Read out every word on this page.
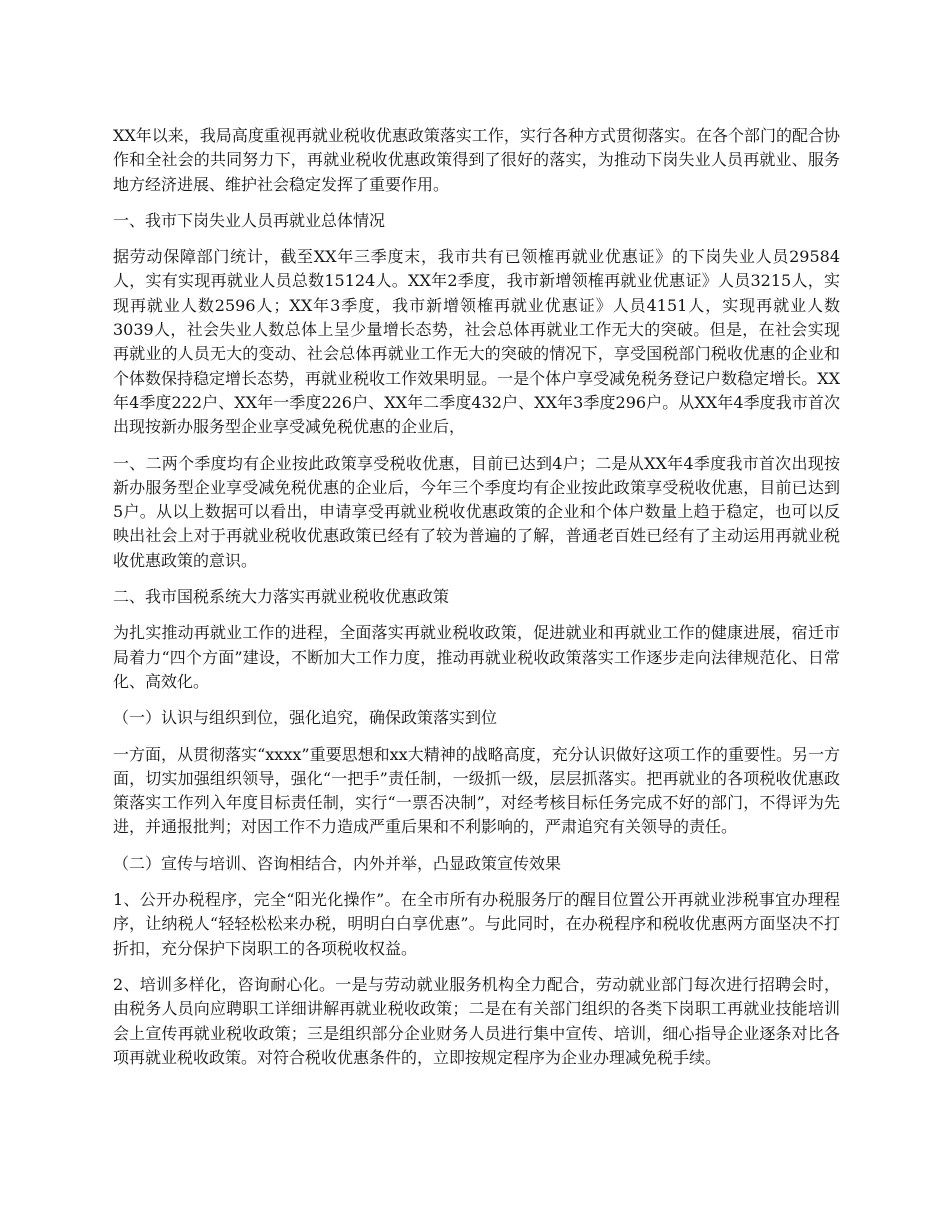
XX年以来，我局高度重视再就业税收优惠政策落实工作，实行各种方式贯彻落实。在各个部门的配合协作和全社会的共同努力下，再就业税收优惠政策得到了很好的落实，为推动下岗失业人员再就业、服务地方经济进展、维护社会稳定发挥了重要作用。

一、我市下岗失业人员再就业总体情况

据劳动保障部门统计，截至XX年三季度末，我市共有已领榷再就业优惠证》的下岗失业人员29584人，实有实现再就业人员总数15124人。XX年2季度，我市新增领榷再就业优惠证》人员3215人，实现再就业人数2596人；XX年3季度，我市新增领榷再就业优惠证》人员4151人，实现再就业人数3039人，社会失业人数总体上呈少量增长态势，社会总体再就业工作无大的突破。但是，在社会实现再就业的人员无大的变动、社会总体再就业工作无大的突破的情况下，享受国税部门税收优惠的企业和个体数保持稳定增长态势，再就业税收工作效果明显。一是个体户享受减免税务登记户数稳定增长。XX年4季度222户、XX年一季度226户、XX年二季度432户、XX年3季度296户。从XX年4季度我市首次出现按新办服务型企业享受减免税优惠的企业后，

一、二两个季度均有企业按此政策享受税收优惠，目前已达到4户；二是从XX年4季度我市首次出现按新办服务型企业享受减免税优惠的企业后，今年三个季度均有企业按此政策享受税收优惠，目前已达到5户。从以上数据可以看出，申请享受再就业税收优惠政策的企业和个体户数量上趋于稳定，也可以反映出社会上对于再就业税收优惠政策已经有了较为普遍的了解，普通老百姓已经有了主动运用再就业税收优惠政策的意识。

二、我市国税系统大力落实再就业税收优惠政策

为扎实推动再就业工作的进程，全面落实再就业税收政策，促进就业和再就业工作的健康进展，宿迁市局着力“四个方面”建设，不断加大工作力度，推动再就业税收政策落实工作逐步走向法律规范化、日常化、高效化。

（一）认识与组织到位，强化追究，确保政策落实到位

一方面，从贯彻落实“xxxx”重要思想和xx大精神的战略高度，充分认识做好这项工作的重要性。另一方面，切实加强组织领导，强化“一把手”责任制，一级抓一级，层层抓落实。把再就业的各项税收优惠政策落实工作列入年度目标责任制，实行“一票否决制”，对经考核目标任务完成不好的部门，不得评为先进，并通报批判；对因工作不力造成严重后果和不利影响的，严肃追究有关领导的责任。

（二）宣传与培训、咨询相结合，内外并举，凸显政策宣传效果

1、公开办税程序，完全“阳光化操作”。在全市所有办税服务厅的醒目位置公开再就业涉税事宜办理程序，让纳税人“轻轻松松来办税，明明白白享优惠”。与此同时，在办税程序和税收优惠两方面坚决不打折扣，充分保护下岗职工的各项税收权益。

2、培训多样化，咨询耐心化。一是与劳动就业服务机构全力配合，劳动就业部门每次进行招聘会时，由税务人员向应聘职工详细讲解再就业税收政策；二是在有关部门组织的各类下岗职工再就业技能培训会上宣传再就业税收政策；三是组织部分企业财务人员进行集中宣传、培训，细心指导企业逐条对比各项再就业税收政策。对符合税收优惠条件的，立即按规定程序为企业办理减免税手续。
